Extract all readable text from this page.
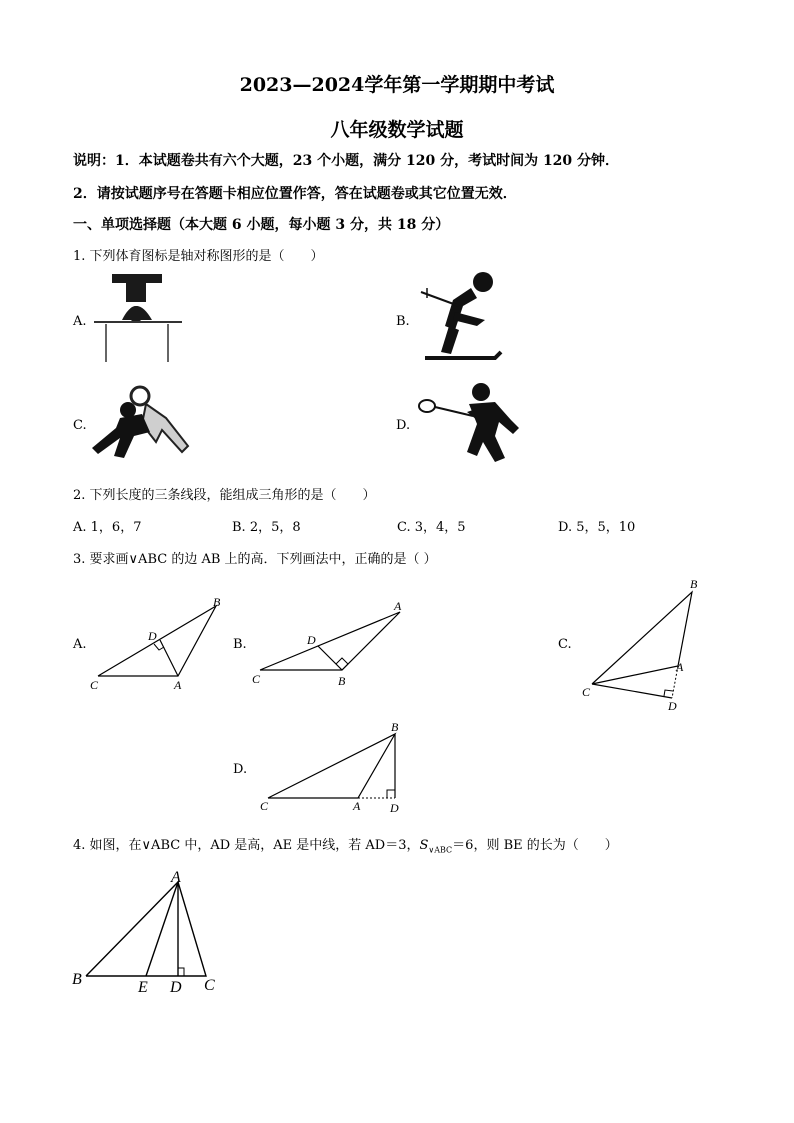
2023—2024学年第一学期期中考试
八年级数学试题
说明：1．本试题卷共有六个大题，23 个小题，满分 120 分，考试时间为 120 分钟．
2．请按试题序号在答题卡相应位置作答，答在试题卷或其它位置无效．
一、单项选择题（本大题 6 小题，每小题 3 分，共 18 分）
1. 下列体育图标是轴对称图形的是（　　）
A.	B.
C.	D.
2. 下列长度的三条线段，能组成三角形的是（　　）
A. 1，6，7	B. 2，5，8	C. 3，4，5	D. 5，5，10
3. 要求画∨ABC 的边 AB 上的高．下列画法中，正确的是（ ）
A.
C	A
B
D
B.
C	B
A
D	C.
C
B
A
D
D.
C	A
B
D
4. 如图，在∨ABC 中，AD 是高，AE 是中线，若 AD＝3，$S_{\vee ABC}=6$，则 BE 的长为（　　）
A
B	E D C
